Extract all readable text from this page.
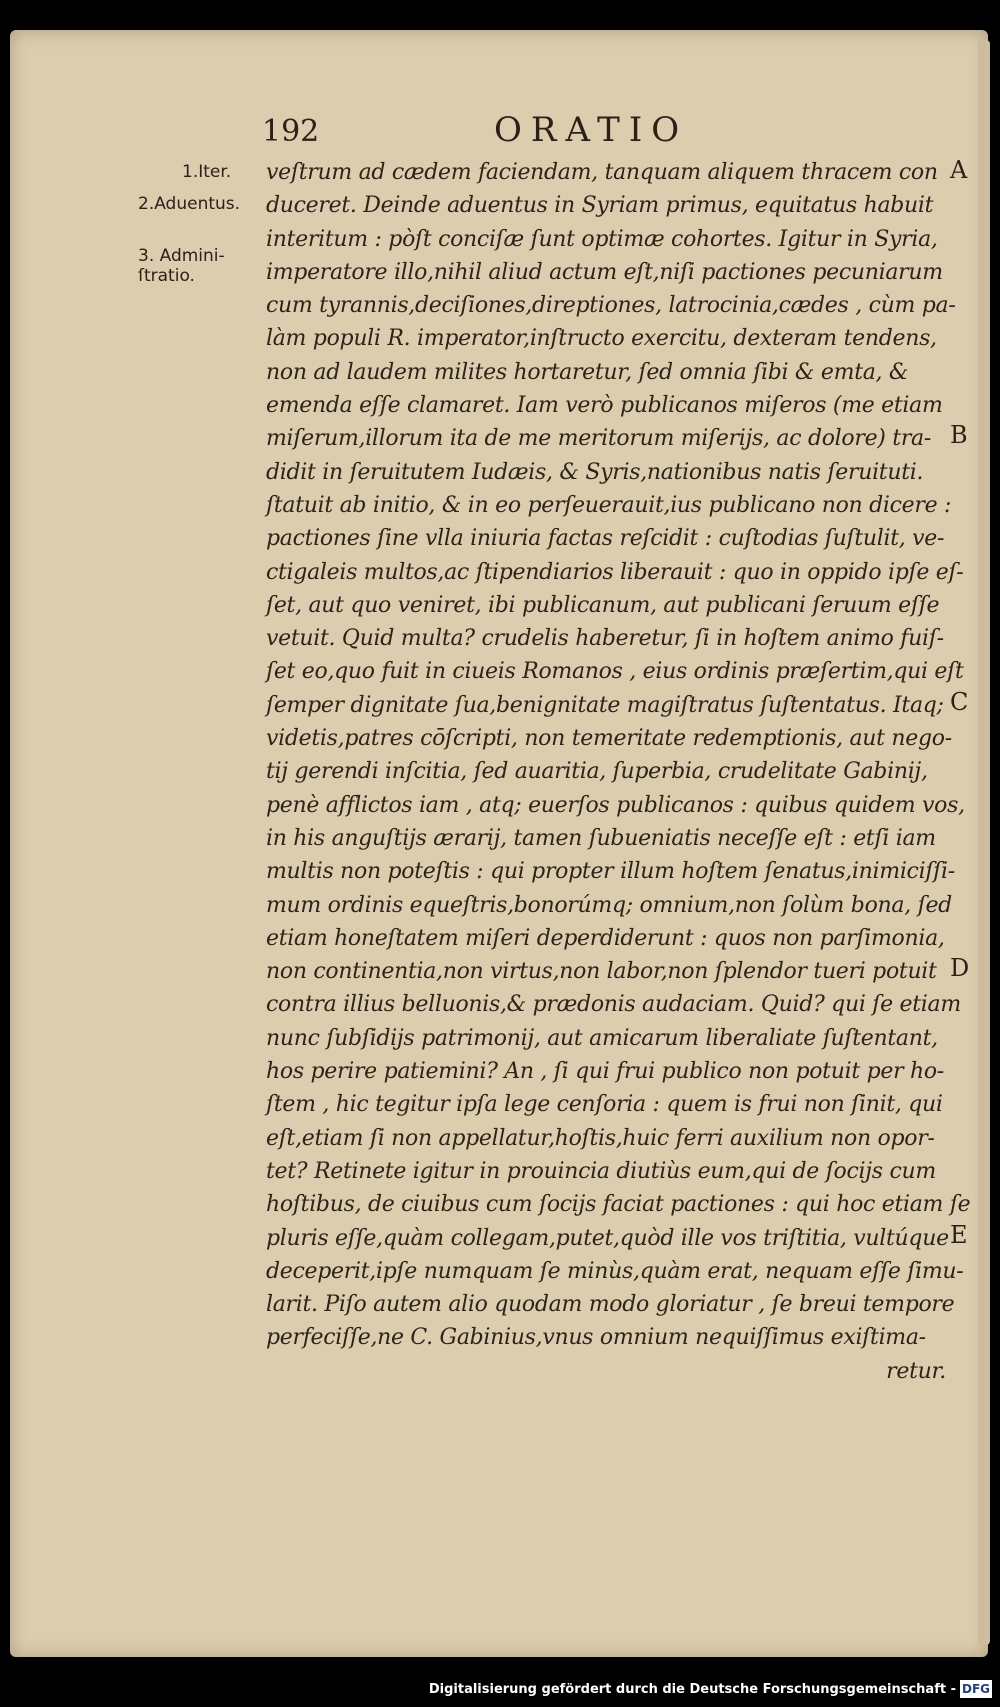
192	ORATIO
1.Iter.
2.Aduentus.
3. Admini-
ſtratio.
veſtrum ad cædem faciendam, tanquam aliquem thracem con
duceret. Deinde aduentus in Syriam primus, equitatus habuit
interitum : pòſt conciſæ ſunt optimæ cohortes. Igitur in Syria,
imperatore illo,nihil aliud actum eſt,niſi pactiones pecuniarum
cum tyrannis,deciſiones,direptiones, latrocinia,cædes , cùm pa-
làm populi R. imperator,inſtructo exercitu, dexteram tendens,
non ad laudem milites hortaretur, ſed omnia ſibi & emta, &
emenda eſſe clamaret. Iam verò publicanos miſeros (me etiam
miſerum,illorum ita de me meritorum miſerijs, ac dolore) tra-
didit in ſeruitutem Iudæis, & Syris,nationibus natis ſeruituti.
ſtatuit ab initio, & in eo perſeuerauit,ius publicano non dicere :
pactiones ſine vlla iniuria factas reſcidit : cuſtodias ſuſtulit, ve-
ctigaleis multos,ac ſtipendiarios liberauit : quo in oppido ipſe eſ-
ſet, aut quo veniret, ibi publicanum, aut publicani ſeruum eſſe
vetuit. Quid multa? crudelis haberetur, ſi in hoſtem animo fuiſ-
ſet eo,quo fuit in ciueis Romanos , eius ordinis præſertim,qui eſt
ſemper dignitate ſua,benignitate magiſtratus ſuſtentatus. Itaq;
videtis,patres cōſcripti, non temeritate redemptionis, aut nego-
tij gerendi inſcitia, ſed auaritia, ſuperbia, crudelitate Gabinij,
penè afflictos iam , atq; euerſos publicanos : quibus quidem vos,
in his anguſtijs ærarij, tamen ſubueniatis neceſſe eſt : etſi iam
multis non poteſtis : qui propter illum hoſtem ſenatus,inimiciſſi-
mum ordinis equeſtris,bonorúmq; omnium,non ſolùm bona, ſed
etiam honeſtatem miſeri deperdiderunt : quos non parſimonia,
non continentia,non virtus,non labor,non ſplendor tueri potuit
contra illius belluonis,& prædonis audaciam. Quid? qui ſe etiam
nunc ſubſidijs patrimonij, aut amicarum liberaliate ſuſtentant,
hos perire patiemini? An , ſi qui frui publico non potuit per ho-
ſtem , hic tegitur ipſa lege cenſoria : quem is frui non ſinit, qui
eſt,etiam ſi non appellatur,hoſtis,huic ferri auxilium non opor-
tet? Retinete igitur in prouincia diutiùs eum,qui de ſocijs cum
hoſtibus, de ciuibus cum ſocijs faciat pactiones : qui hoc etiam ſe
pluris eſſe,quàm collegam,putet,quòd ille vos triſtitia, vultúque
deceperit,ipſe numquam ſe minùs,quàm erat, nequam eſſe ſimu-
larit. Piſo autem alio quodam modo gloriatur , ſe breui tempore
perfeciſſe,ne C. Gabinius,vnus omnium nequiſſimus exiſtima-
retur.
A
B
C
D
E
Digitalisierung gefördert durch die Deutsche Forschungsgemeinschaft - DFG
